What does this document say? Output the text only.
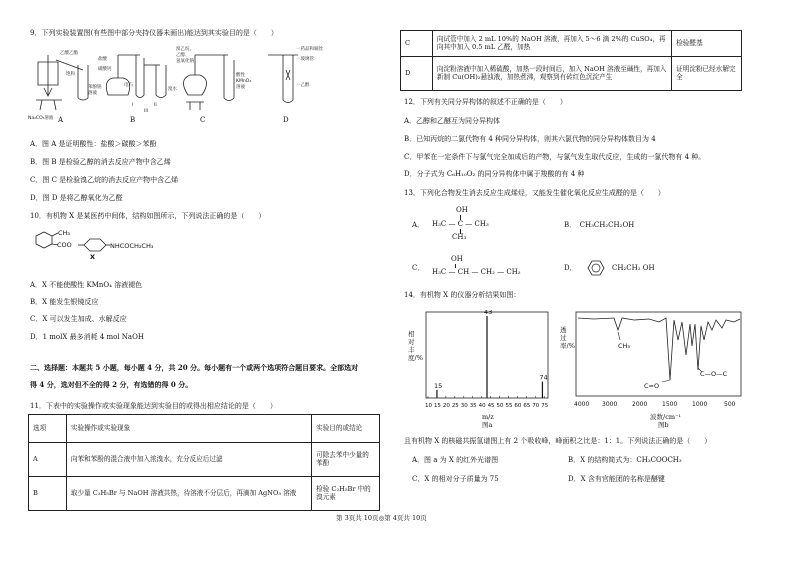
9．下列实验装置图(有些图中部分夹持仪器未画出)能达到其实验目的是（　　）
乙酸乙酯
饱和
Na₂CO₃溶液
电石
溴水
苯酚钠
溶液
盐酸
碳酸钙
溴乙烷、
乙醇、
氢氧化钠
酸性
KMnO₄
溶液
一药品和铜丝
一玻璃管
一乙醇
I	II
III
A	B	C	D
A．图 A 是证明酸性：盐酸＞碳酸＞苯酚
B．图 B 是检验乙醇的消去反应产物中含乙烯
C．图 C 是检验溴乙烷的消去反应产物中含乙烯
D．图 D 是将乙醇氧化为乙醛
10．有机物 X 是某医药中间体，结构如图所示，下列说法正确的是（　　）
CH₃
COO	NHCOCH₂CH₃
X
A．X 不能使酸性 KMnO₄ 溶液褪色
B．X 能发生银镜反应
C．X 可以发生加成、水解反应
D．1 molX 最多消耗 4 mol NaOH
二、选择题：本题共 5 小题，每小题 4 分，共 20 分。每小题有一个或两个选项符合题目要求。全部选对
得 4 分，选对但不全的得 2 分，有选错的得 0 分。
11．下表中的实验操作或实验现象能达到实验目的或得出相应结论的是（　　）
选项	实验操作或实验现象	实验目的或结论
A	向苯和苯酚的混合液中加入浓溴水，充分反应后过滤	可除去苯中少量的苯酚
B	取少量 C₂H₅Br 与 NaOH 溶液共热，待溶液不分层后，再滴加 AgNO₃ 溶液	检验 C₂H₅Br 中的溴元素
C	向试管中加入 2 mL 10%的 NaOH 溶液，再加入 5～6 滴 2%的 CuSO₄，再向其中加入 0.5 mL 乙醛，加热	检验醛基
D	向淀粉溶液中加入稀硫酸，加热一段时间后，加入 NaOH 溶液至碱性，再加入新制 Cu(OH)₂悬浊液，加热煮沸，观察到有砖红色沉淀产生	证明淀粉已经水解完全
12．下列有关同分异构体的叙述不正确的是（　　）
A．乙醇和乙醚互为同分异构体
B．已知丙烷的二氯代物有 4 种同分异构体，则其六氯代物的同分异构体数目为 4
C．甲苯在一定条件下与氯气完全加成后的产物，与氯气发生取代反应，生成的一氯代物有 4 种。
D．分子式为 C₆H₁₀O₂ 的同分异构体中属于羧酸的有 4 种
13．下列化合物发生消去反应生成烯烃，又能发生催化氧化反应生成醛的是（　　）
A．
OH
H₃C — C — CH₃
CH₃
B．　CH₃CH₂CH₂OH
C．
OH
H₃C — CH — CH₂ — CH₃	D．	CH₂CH₂ OH
14．有机物 X 的仪器分析结果如图：
相对丰度/%
15
43
74
10 15 20 25 30 35 40 45 50 55 60 65 70 75
m/z
图a
透过率/%	CH₃
C=O
C—O—C
4000 3000 2000 1500 1000	500
波数/cm⁻¹
图b
且有机物 X 的核磁共振氢谱图上有 2 个吸收峰，峰面积之比是：1：1。下列说法正确的是（　　）
A．图 a 为 X 的红外光谱图	B．X 的结构简式为：CH₃COOCH₃
C．X 的相对分子质量为 75	D．X 含有官能团的名称是醚键
第 3页共 10页◎第 4页共 10页
